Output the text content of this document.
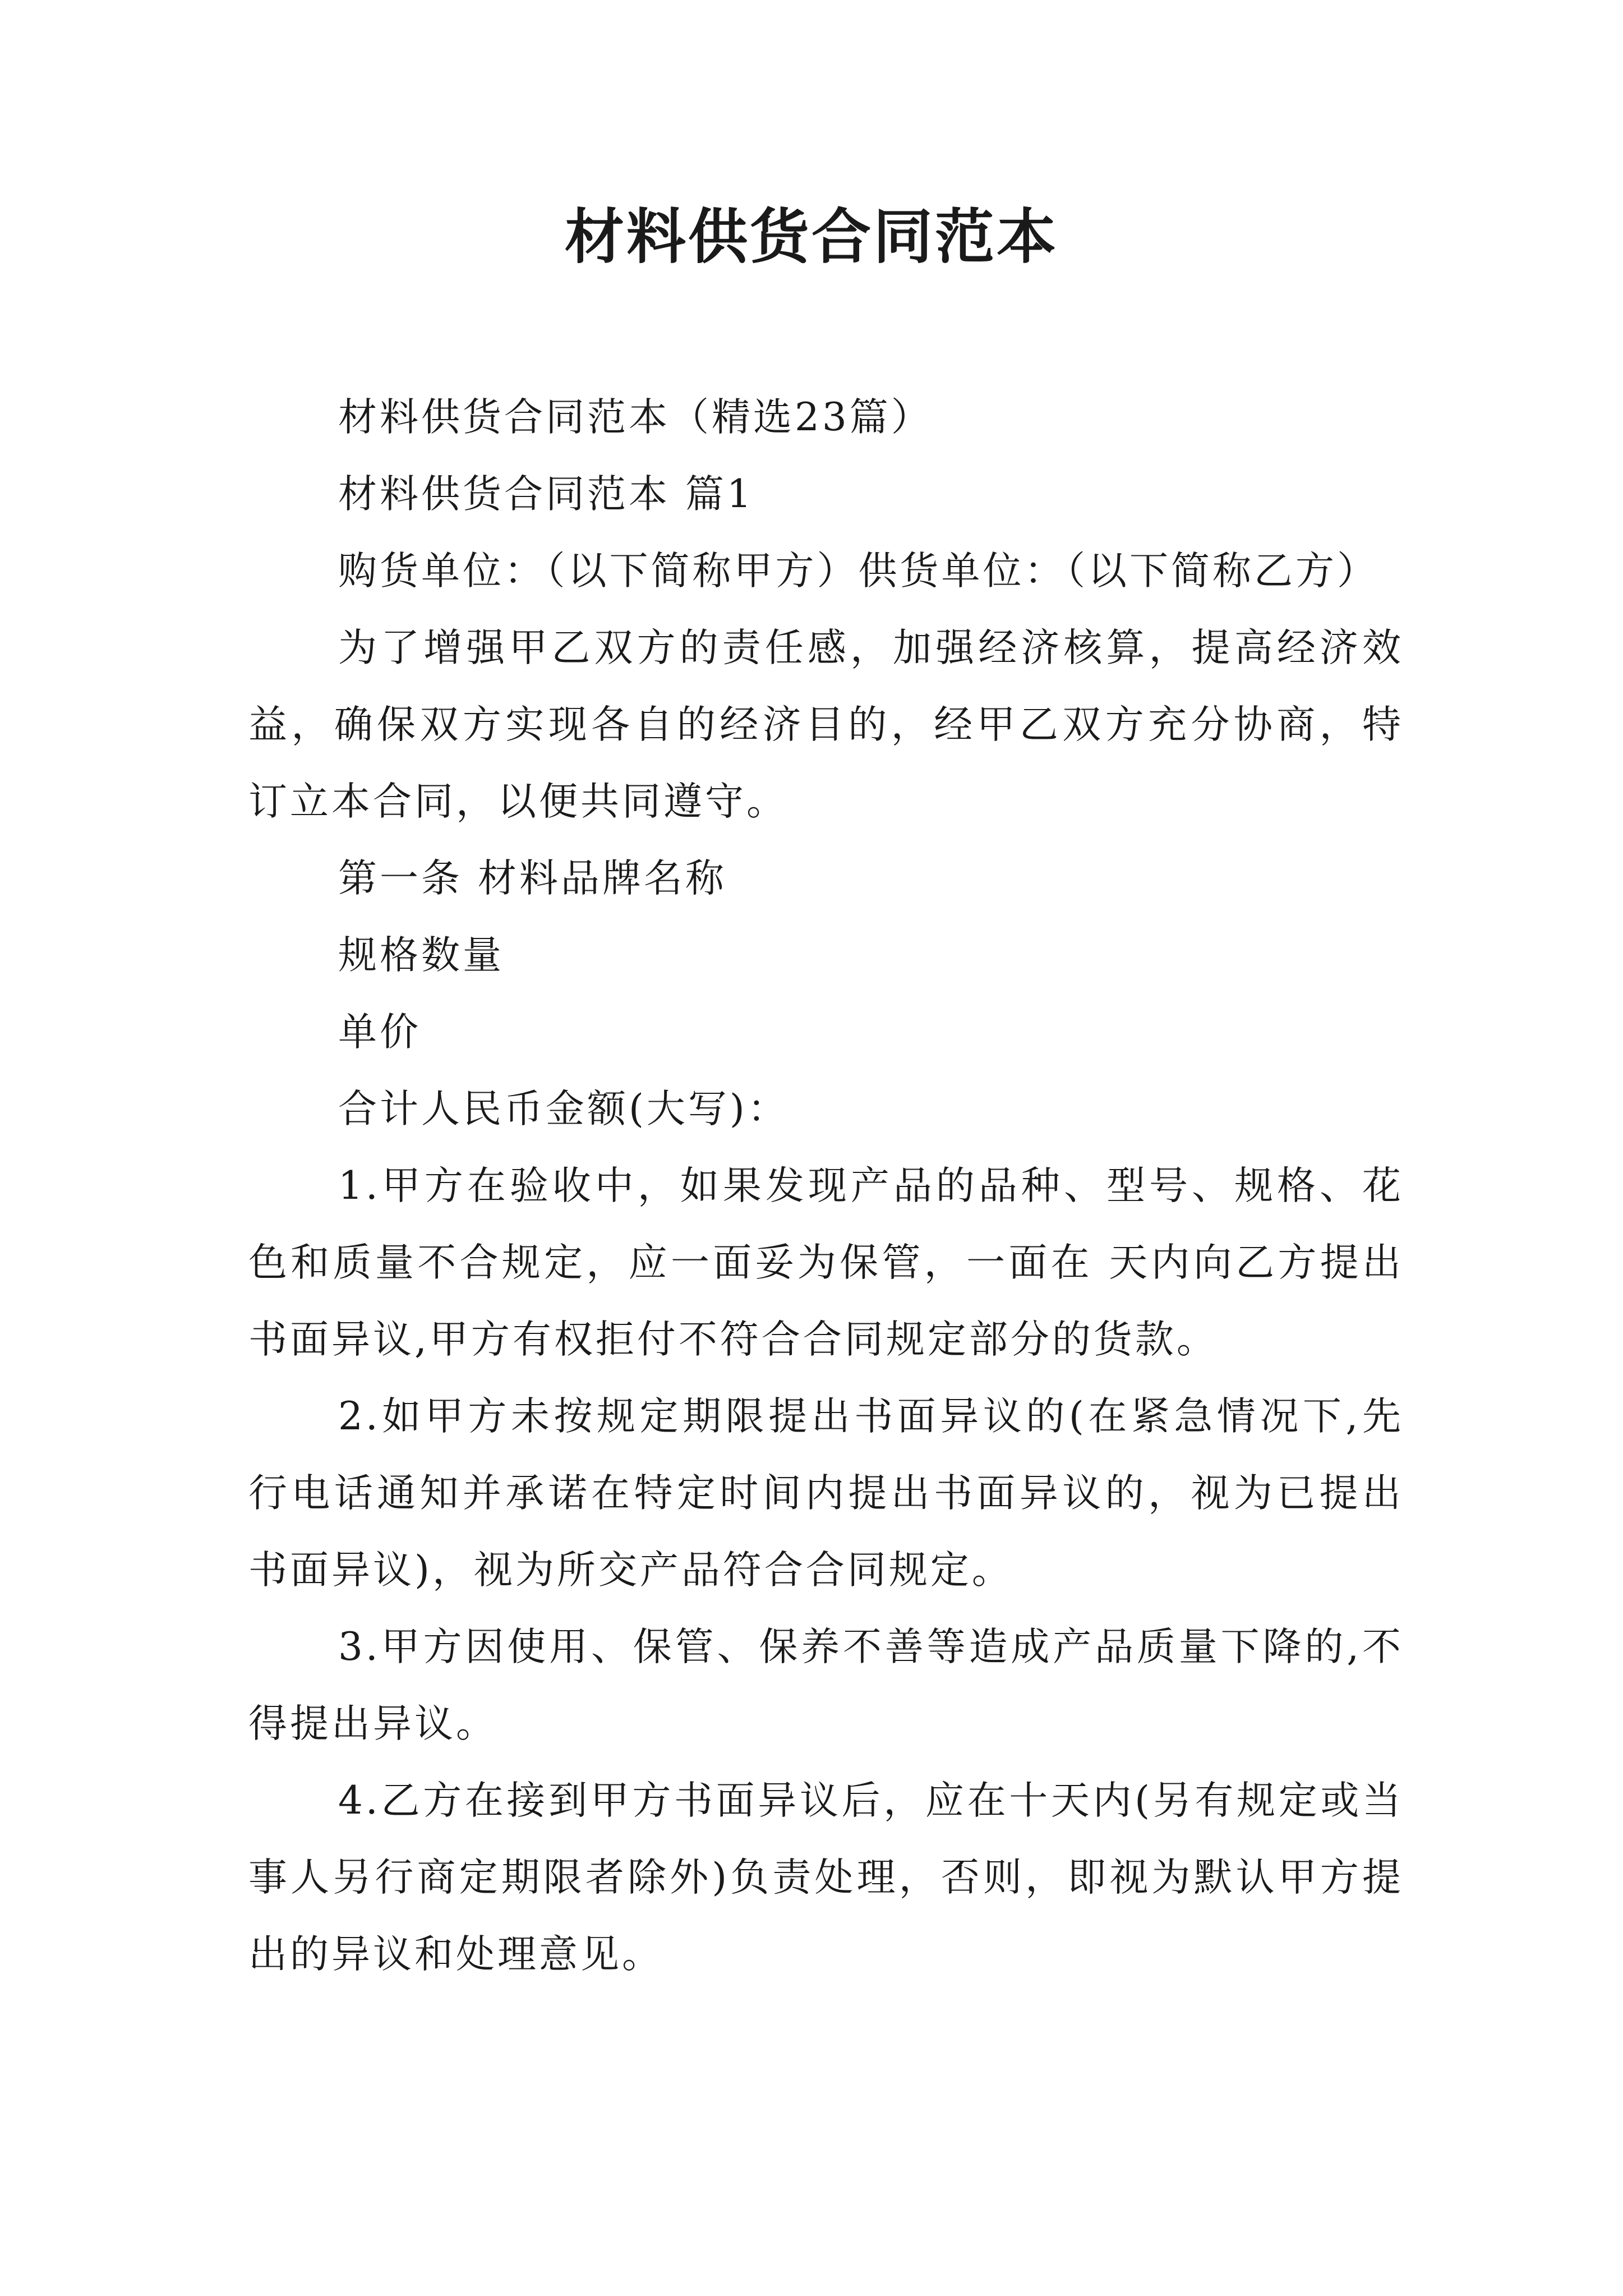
材料供货合同范本

材料供货合同范本（精选23篇）

材料供货合同范本 篇1

购货单位：（以下简称甲方）供货单位：（以下简称乙方）

为了增强甲乙双方的责任感，加强经济核算，提高经济效益，确保双方实现各自的经济目的，经甲乙双方充分协商，特订立本合同，以便共同遵守。

第一条 材料品牌名称

规格数量

单价

合计人民币金额(大写)：

1.甲方在验收中，如果发现产品的品种、型号、规格、花色和质量不合规定，应一面妥为保管，一面在 天内向乙方提出书面异议,甲方有权拒付不符合合同规定部分的货款。

2.如甲方未按规定期限提出书面异议的(在紧急情况下,先行电话通知并承诺在特定时间内提出书面异议的，视为已提出书面异议)，视为所交产品符合合同规定。

3.甲方因使用、保管、保养不善等造成产品质量下降的,不得提出异议。

4.乙方在接到甲方书面异议后，应在十天内(另有规定或当事人另行商定期限者除外)负责处理，否则，即视为默认甲方提出的异议和处理意见。
